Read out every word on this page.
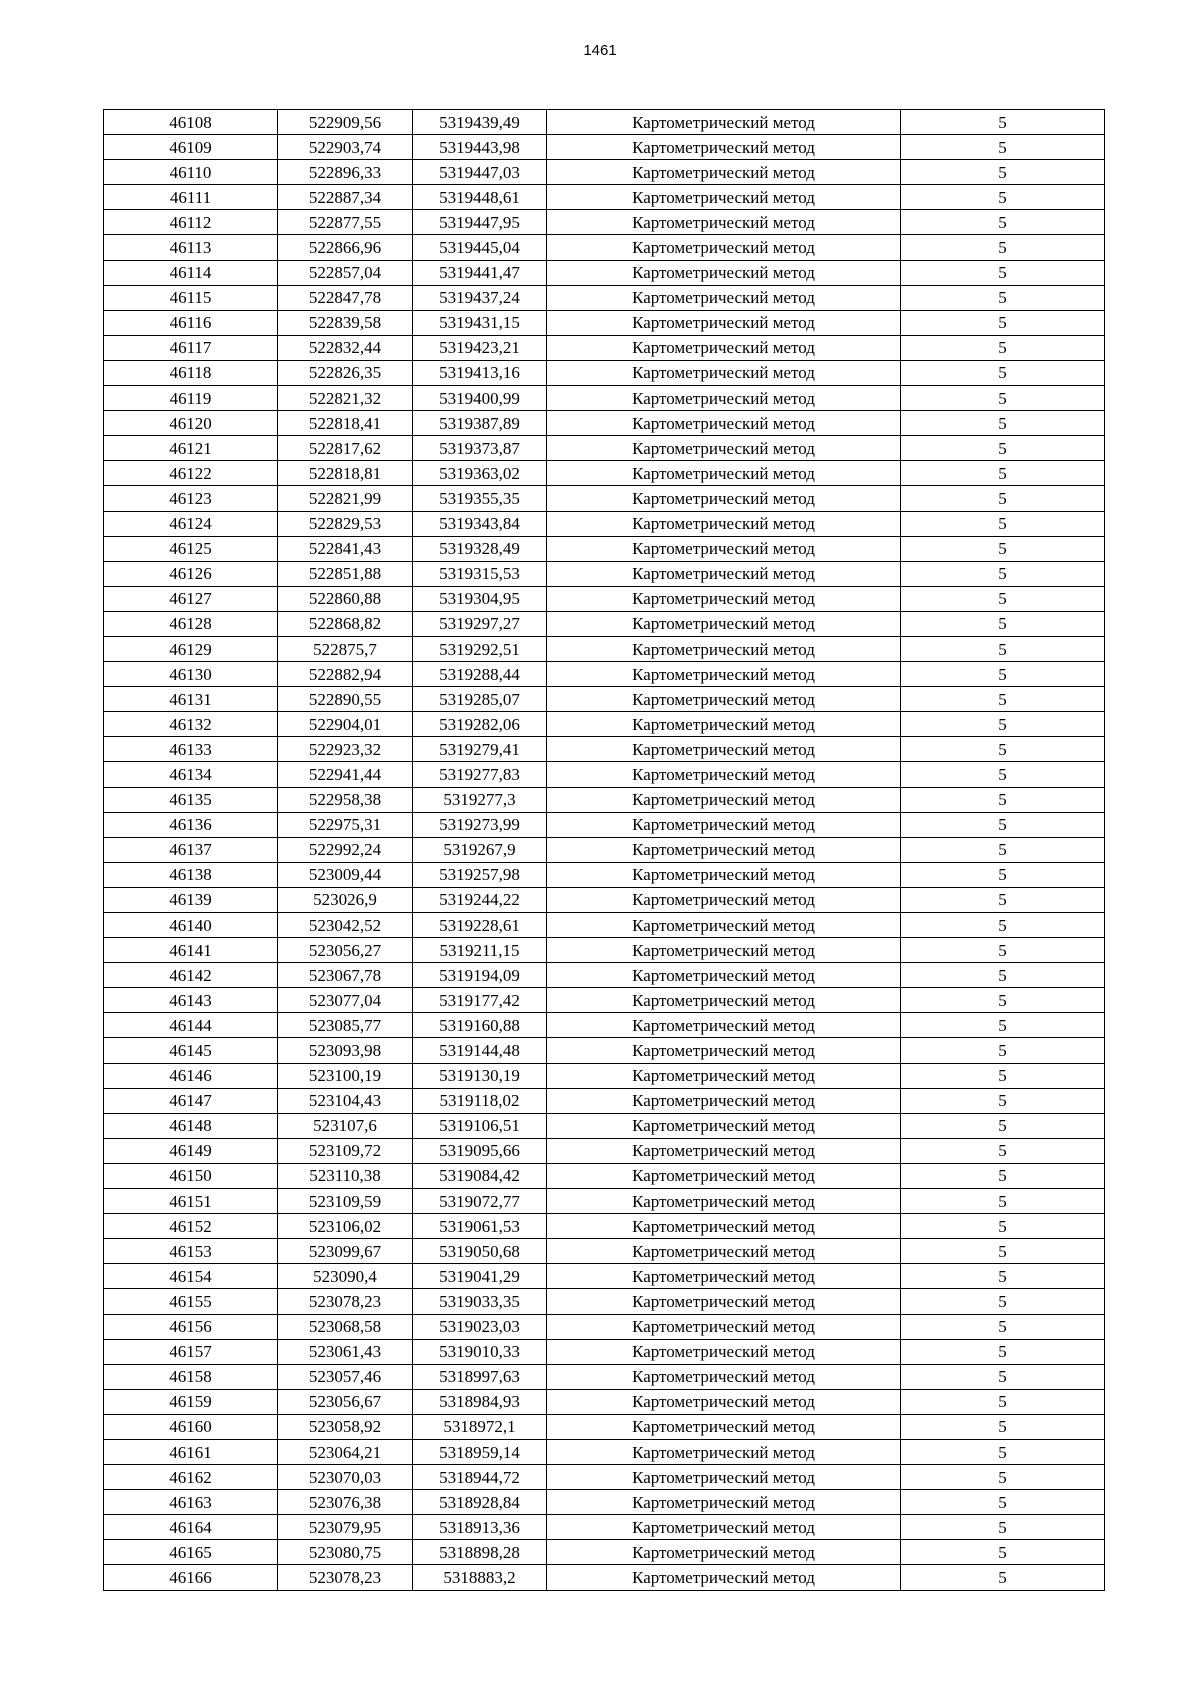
1461
46108	522909,56	5319439,49	Картометрический метод	5
46109	522903,74	5319443,98	Картометрический метод	5
46110	522896,33	5319447,03	Картометрический метод	5
46111	522887,34	5319448,61	Картометрический метод	5
46112	522877,55	5319447,95	Картометрический метод	5
46113	522866,96	5319445,04	Картометрический метод	5
46114	522857,04	5319441,47	Картометрический метод	5
46115	522847,78	5319437,24	Картометрический метод	5
46116	522839,58	5319431,15	Картометрический метод	5
46117	522832,44	5319423,21	Картометрический метод	5
46118	522826,35	5319413,16	Картометрический метод	5
46119	522821,32	5319400,99	Картометрический метод	5
46120	522818,41	5319387,89	Картометрический метод	5
46121	522817,62	5319373,87	Картометрический метод	5
46122	522818,81	5319363,02	Картометрический метод	5
46123	522821,99	5319355,35	Картометрический метод	5
46124	522829,53	5319343,84	Картометрический метод	5
46125	522841,43	5319328,49	Картометрический метод	5
46126	522851,88	5319315,53	Картометрический метод	5
46127	522860,88	5319304,95	Картометрический метод	5
46128	522868,82	5319297,27	Картометрический метод	5
46129	522875,7	5319292,51	Картометрический метод	5
46130	522882,94	5319288,44	Картометрический метод	5
46131	522890,55	5319285,07	Картометрический метод	5
46132	522904,01	5319282,06	Картометрический метод	5
46133	522923,32	5319279,41	Картометрический метод	5
46134	522941,44	5319277,83	Картометрический метод	5
46135	522958,38	5319277,3	Картометрический метод	5
46136	522975,31	5319273,99	Картометрический метод	5
46137	522992,24	5319267,9	Картометрический метод	5
46138	523009,44	5319257,98	Картометрический метод	5
46139	523026,9	5319244,22	Картометрический метод	5
46140	523042,52	5319228,61	Картометрический метод	5
46141	523056,27	5319211,15	Картометрический метод	5
46142	523067,78	5319194,09	Картометрический метод	5
46143	523077,04	5319177,42	Картометрический метод	5
46144	523085,77	5319160,88	Картометрический метод	5
46145	523093,98	5319144,48	Картометрический метод	5
46146	523100,19	5319130,19	Картометрический метод	5
46147	523104,43	5319118,02	Картометрический метод	5
46148	523107,6	5319106,51	Картометрический метод	5
46149	523109,72	5319095,66	Картометрический метод	5
46150	523110,38	5319084,42	Картометрический метод	5
46151	523109,59	5319072,77	Картометрический метод	5
46152	523106,02	5319061,53	Картометрический метод	5
46153	523099,67	5319050,68	Картометрический метод	5
46154	523090,4	5319041,29	Картометрический метод	5
46155	523078,23	5319033,35	Картометрический метод	5
46156	523068,58	5319023,03	Картометрический метод	5
46157	523061,43	5319010,33	Картометрический метод	5
46158	523057,46	5318997,63	Картометрический метод	5
46159	523056,67	5318984,93	Картометрический метод	5
46160	523058,92	5318972,1	Картометрический метод	5
46161	523064,21	5318959,14	Картометрический метод	5
46162	523070,03	5318944,72	Картометрический метод	5
46163	523076,38	5318928,84	Картометрический метод	5
46164	523079,95	5318913,36	Картометрический метод	5
46165	523080,75	5318898,28	Картометрический метод	5
46166	523078,23	5318883,2	Картометрический метод	5
